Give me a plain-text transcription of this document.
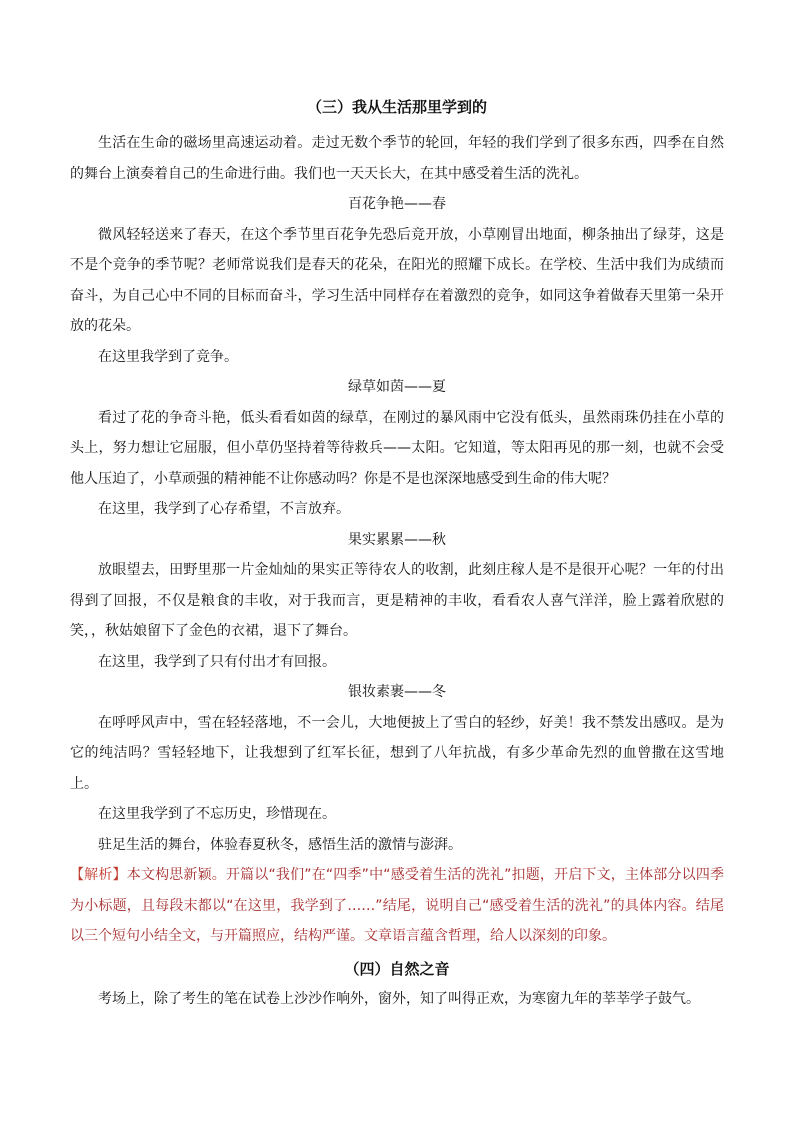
（三）我从生活那里学到的

生活在生命的磁场里高速运动着。走过无数个季节的轮回，年轻的我们学到了很多东西，四季在自然的舞台上演奏着自己的生命进行曲。我们也一天天长大，在其中感受着生活的洗礼。

百花争艳——春

微风轻轻送来了春天，在这个季节里百花争先恐后竞开放，小草刚冒出地面，柳条抽出了绿芽，这是不是个竞争的季节呢？老师常说我们是春天的花朵，在阳光的照耀下成长。在学校、生活中我们为成绩而奋斗，为自己心中不同的目标而奋斗，学习生活中同样存在着激烈的竞争，如同这争着做春天里第一朵开放的花朵。

在这里我学到了竞争。

绿草如茵——夏

看过了花的争奇斗艳，低头看看如茵的绿草，在刚过的暴风雨中它没有低头，虽然雨珠仍挂在小草的头上，努力想让它屈服，但小草仍坚持着等待救兵——太阳。它知道，等太阳再见的那一刻，也就不会受他人压迫了，小草顽强的精神能不让你感动吗？你是不是也深深地感受到生命的伟大呢？

在这里，我学到了心存希望，不言放弃。

果实累累——秋

放眼望去，田野里那一片金灿灿的果实正等待农人的收割，此刻庄稼人是不是很开心呢？一年的付出得到了回报，不仅是粮食的丰收，对于我而言，更是精神的丰收，看看农人喜气洋洋，脸上露着欣慰的笑，，秋姑娘留下了金色的衣裙，退下了舞台。

在这里，我学到了只有付出才有回报。

银妆素裹——冬

在呼呼风声中，雪在轻轻落地，不一会儿，大地便披上了雪白的轻纱，好美！我不禁发出感叹。是为它的纯洁吗？雪轻轻地下，让我想到了红军长征，想到了八年抗战，有多少革命先烈的血曾撒在这雪地上。

在这里我学到了不忘历史，珍惜现在。

驻足生活的舞台，体验春夏秋冬，感悟生活的激情与澎湃。

【解析】本文构思新颖。开篇以“我们”在“四季”中“感受着生活的洗礼”扣题，开启下文，主体部分以四季为小标题，且每段末都以“在这里，我学到了……”结尾，说明自己“感受着生活的洗礼”的具体内容。结尾以三个短句小结全文，与开篇照应，结构严谨。文章语言蕴含哲理，给人以深刻的印象。

（四）自然之音

考场上，除了考生的笔在试卷上沙沙作响外，窗外，知了叫得正欢，为寒窗九年的莘莘学子鼓气。
